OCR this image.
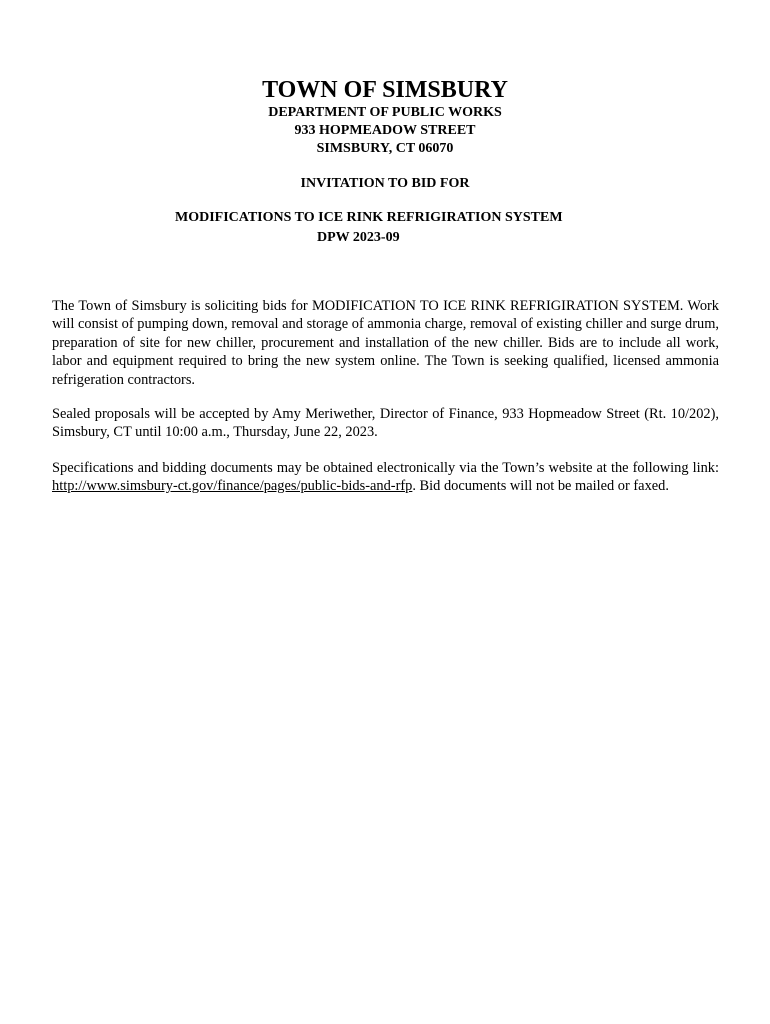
TOWN OF SIMSBURY
DEPARTMENT OF PUBLIC WORKS
933 HOPMEADOW STREET
SIMSBURY, CT 06070
INVITATION TO BID FOR
MODIFICATIONS TO ICE RINK REFRIGIRATION SYSTEM
DPW 2023-09

The Town of Simsbury is soliciting bids for MODIFICATION TO ICE RINK REFRIGIRATION SYSTEM. Work will consist of pumping down, removal and storage of ammonia charge, removal of existing chiller and surge drum, preparation of site for new chiller, procurement and installation of the new chiller. Bids are to include all work, labor and equipment required to bring the new system online. The Town is seeking qualified, licensed ammonia refrigeration contractors.

Sealed proposals will be accepted by Amy Meriwether, Director of Finance, 933 Hopmeadow Street (Rt. 10/202), Simsbury, CT until 10:00 a.m., Thursday, June 22, 2023.

Specifications and bidding documents may be obtained electronically via the Town’s website at the following link: http://www.simsbury-ct.gov/finance/pages/public-bids-and-rfp. Bid documents will not be mailed or faxed.
